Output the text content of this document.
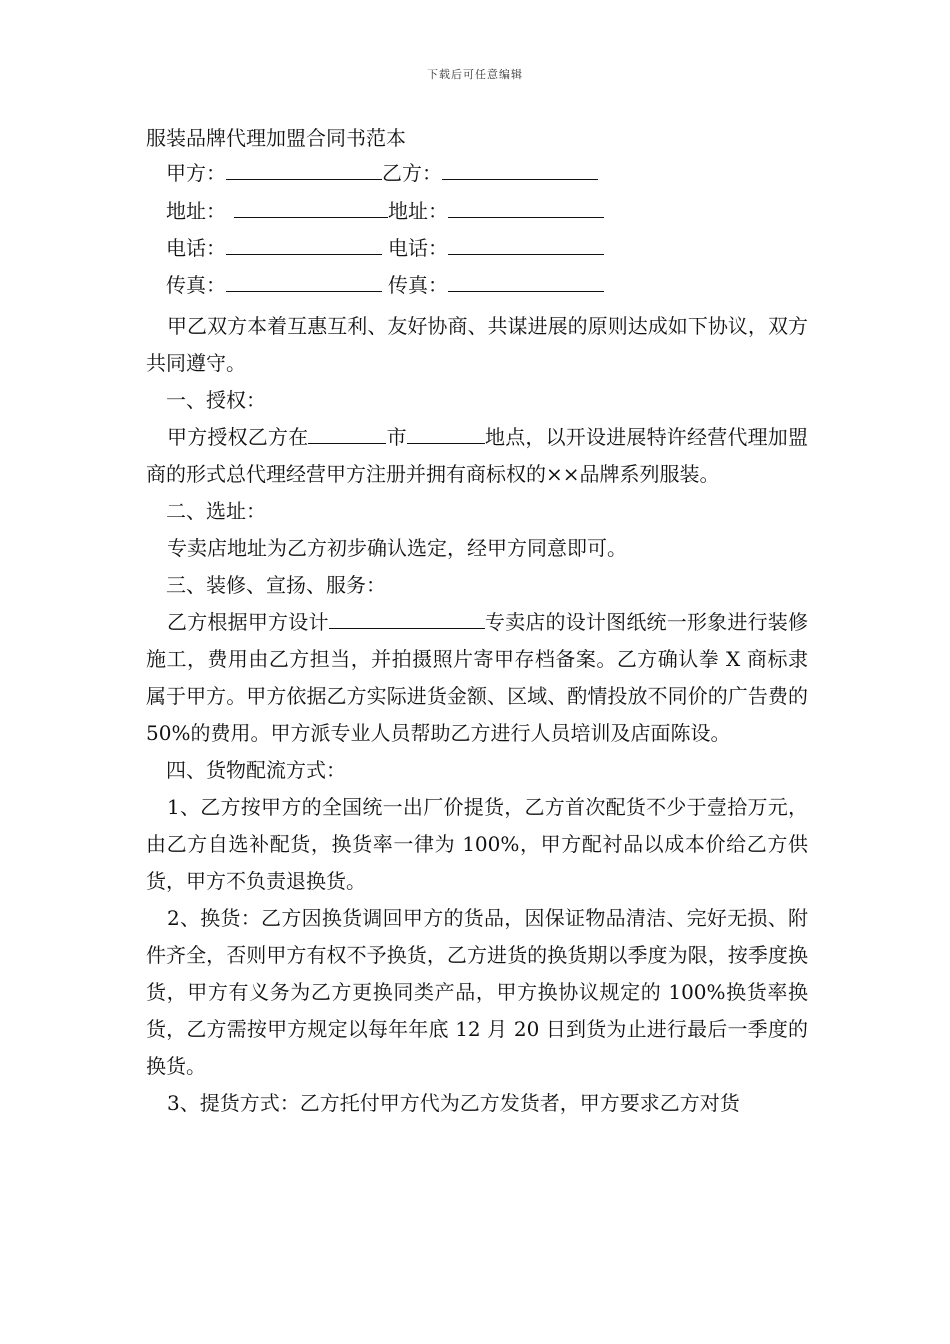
下载后可任意编辑
服装品牌代理加盟合同书范本
甲方：	乙方：
地址：	地址：
电话：	电话：
传真：	传真：

甲乙双方本着互惠互利、友好协商、共谋进展的原则达成如下协议，双方共同遵守。

一、授权：

甲方授权乙方在	市	地点，以开设进展特许经营代理加盟商的形式总代理经营甲方注册并拥有商标权的××品牌系列服装。

二、选址：

专卖店地址为乙方初步确认选定，经甲方同意即可。

三、装修、宣扬、服务：

乙方根据甲方设计	专卖店的设计图纸统一形象进行装修施工，费用由乙方担当，并拍摄照片寄甲存档备案。乙方确认拳 X 商标隶属于甲方。甲方依据乙方实际进货金额、区域、酌情投放不同价的广告费的 50%的费用。甲方派专业人员帮助乙方进行人员培训及店面陈设。

四、货物配流方式：

1、乙方按甲方的全国统一出厂价提货，乙方首次配货不少于壹拾万元，由乙方自选补配货，换货率一律为 100%，甲方配衬品以成本价给乙方供货，甲方不负责退换货。

2、换货：乙方因换货调回甲方的货品，因保证物品清洁、完好无损、附件齐全，否则甲方有权不予换货，乙方进货的换货期以季度为限，按季度换货，甲方有义务为乙方更换同类产品，甲方换协议规定的 100%换货率换货，乙方需按甲方规定以每年年底 12 月 20 日到货为止进行最后一季度的换货。

3、提货方式：乙方托付甲方代为乙方发货者，甲方要求乙方对货
